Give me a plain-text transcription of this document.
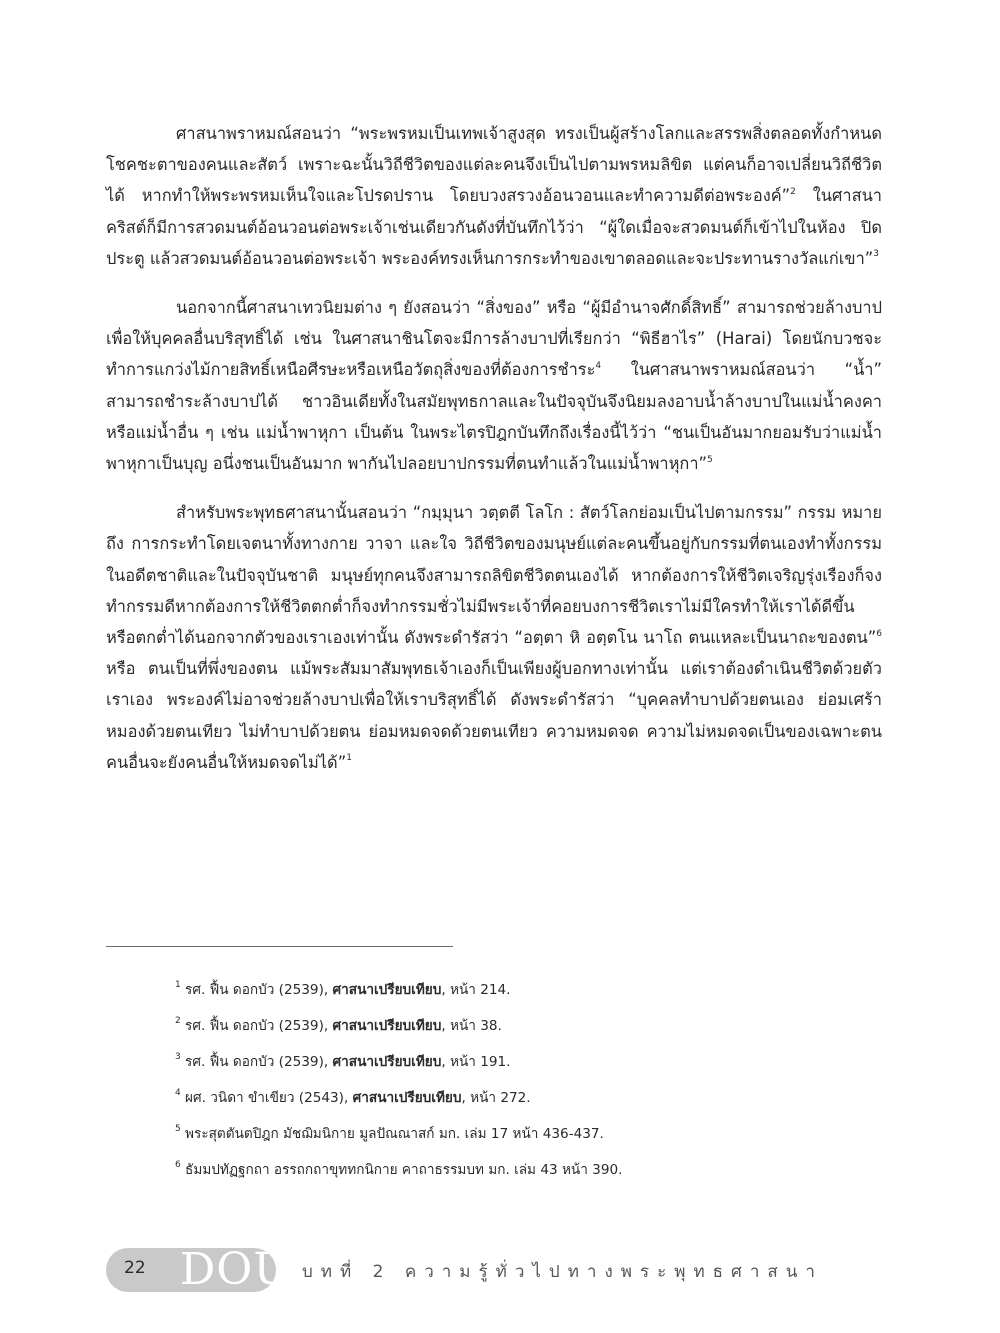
ศาสนาพราหมณ์สอนว่า “พระพรหมเป็นเทพเจ้าสูงสุด ทรงเป็นผู้สร้างโลกและสรรพสิ่งตลอดทั้งกำหนดโชคชะตาของคนและสัตว์ เพราะฉะนั้นวิถีชีวิตของแต่ละคนจึงเป็นไปตามพรหมลิขิต แต่คนก็อาจเปลี่ยนวิถีชีวิตได้ หากทำให้พระพรหมเห็นใจและโปรดปราน โดยบวงสรวงอ้อนวอนและทำความดีต่อพระองค์”$^2$ ในศาสนาคริสต์ก็มีการสวดมนต์อ้อนวอนต่อพระเจ้าเช่นเดียวกันดังที่บันทึกไว้ว่า “ผู้ใดเมื่อจะสวดมนต์ก็เข้าไปในห้อง ปิดประตู แล้วสวดมนต์อ้อนวอนต่อพระเจ้า พระองค์ทรงเห็นการกระทำของเขาตลอดและจะประทานรางวัลแก่เขา”$^3$

นอกจากนี้ศาสนาเทวนิยมต่าง ๆ ยังสอนว่า “สิ่งของ” หรือ “ผู้มีอำนาจศักดิ์สิทธิ์” สามารถช่วยล้างบาปเพื่อให้บุคคลอื่นบริสุทธิ์ได้ เช่น ในศาสนาชินโตจะมีการล้างบาปที่เรียกว่า “พิธีฮาไร” (Harai) โดยนักบวชจะทำการแกว่งไม้กายสิทธิ์เหนือศีรษะหรือเหนือวัตถุสิ่งของที่ต้องการชำระ$^4$ ในศาสนาพราหมณ์สอนว่า “น้ำ” สามารถชำระล้างบาปได้ ชาวอินเดียทั้งในสมัยพุทธกาลและในปัจจุบันจึงนิยมลงอาบน้ำล้างบาปในแม่น้ำคงคาหรือแม่น้ำอื่น ๆ เช่น แม่น้ำพาหุกา เป็นต้น ในพระไตรปิฎกบันทึกถึงเรื่องนี้ไว้ว่า “ชนเป็นอันมากยอมรับว่าแม่น้ำพาหุกาเป็นบุญ อนึ่งชนเป็นอันมาก พากันไปลอยบาปกรรมที่ตนทำแล้วในแม่น้ำพาหุกา”$^5$

สำหรับพระพุทธศาสนานั้นสอนว่า “กมฺมุนา วตฺตตี โลโก : สัตว์โลกย่อมเป็นไปตามกรรม” กรรม หมายถึง การกระทำโดยเจตนาทั้งทางกาย วาจา และใจ วิถีชีวิตของมนุษย์แต่ละคนขึ้นอยู่กับกรรมที่ตนเองทำทั้งกรรมในอดีตชาติและในปัจจุบันชาติ มนุษย์ทุกคนจึงสามารถลิขิตชีวิตตนเองได้ หากต้องการให้ชีวิตเจริญรุ่งเรืองก็จงทำกรรมดีหากต้องการให้ชีวิตตกต่ำก็จงทำกรรมชั่วไม่มีพระเจ้าที่คอยบงการชีวิตเราไม่มีใครทำให้เราได้ดีขึ้นหรือตกต่ำได้นอกจากตัวของเราเองเท่านั้น ดังพระดำรัสว่า “อตฺตา หิ อตฺตโน นาโถ ตนแหละเป็นนาถะของตน”$^6$ หรือ ตนเป็นที่พึ่งของตน แม้พระสัมมาสัมพุทธเจ้าเองก็เป็นเพียงผู้บอกทางเท่านั้น แต่เราต้องดำเนินชีวิตด้วยตัวเราเอง พระองค์ไม่อาจช่วยล้างบาปเพื่อให้เราบริสุทธิ์ได้ ดังพระดำรัสว่า “บุคคลทำบาปด้วยตนเอง ย่อมเศร้าหมองด้วยตนเทียว ไม่ทำบาปด้วยตน ย่อมหมดจดด้วยตนเทียว ความหมดจด ความไม่หมดจดเป็นของเฉพาะตน คนอื่นจะยังคนอื่นให้หมดจดไม่ได้”$^1$

$^1$ รศ. ฟื้น ดอกบัว (2539), ศาสนาเปรียบเทียบ, หน้า 214.
$^2$ รศ. ฟื้น ดอกบัว (2539), ศาสนาเปรียบเทียบ, หน้า 38.
$^3$ รศ. ฟื้น ดอกบัว (2539), ศาสนาเปรียบเทียบ, หน้า 191.
$^4$ ผศ. วนิดา ขำเขียว (2543), ศาสนาเปรียบเทียบ, หน้า 272.
$^5$ พระสุตตันตปิฎก มัชฌิมนิกาย มูลปัณณาสก์ มก. เล่ม 17 หน้า 436-437.
$^6$ ธัมมปทัฏฐกถา อรรถกถาขุททกนิกาย คาถาธรรมบท มก. เล่ม 43 หน้า 390.
22 DOU บทที่ 2 ความรู้ทั่วไปทางพระพุทธศาสนา
